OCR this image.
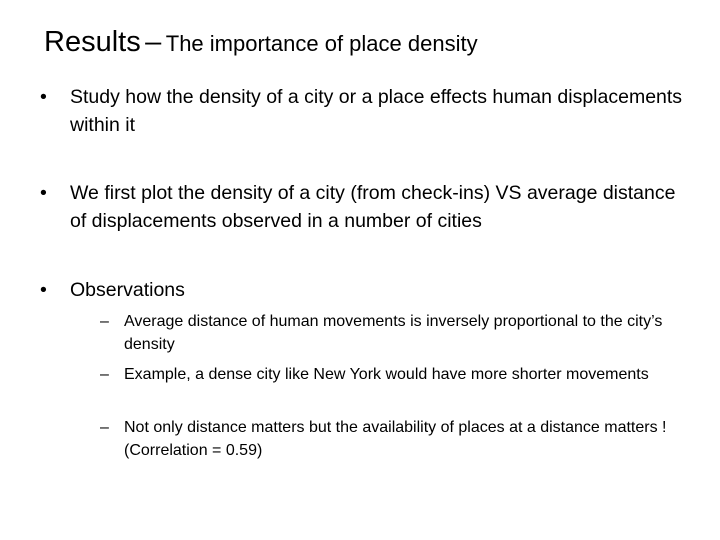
Results – The importance of place density
• Study how the density of a city or a place effects human displacements within it
• We first plot the density of a city (from check-ins) VS average distance of displacements observed in a number of cities
• Observations
– Average distance of human movements is inversely proportional to the city’s density
– Example, a dense city like New York would have more shorter movements
– Not only distance matters but the availability of places at a distance matters ! (Correlation = 0.59)
